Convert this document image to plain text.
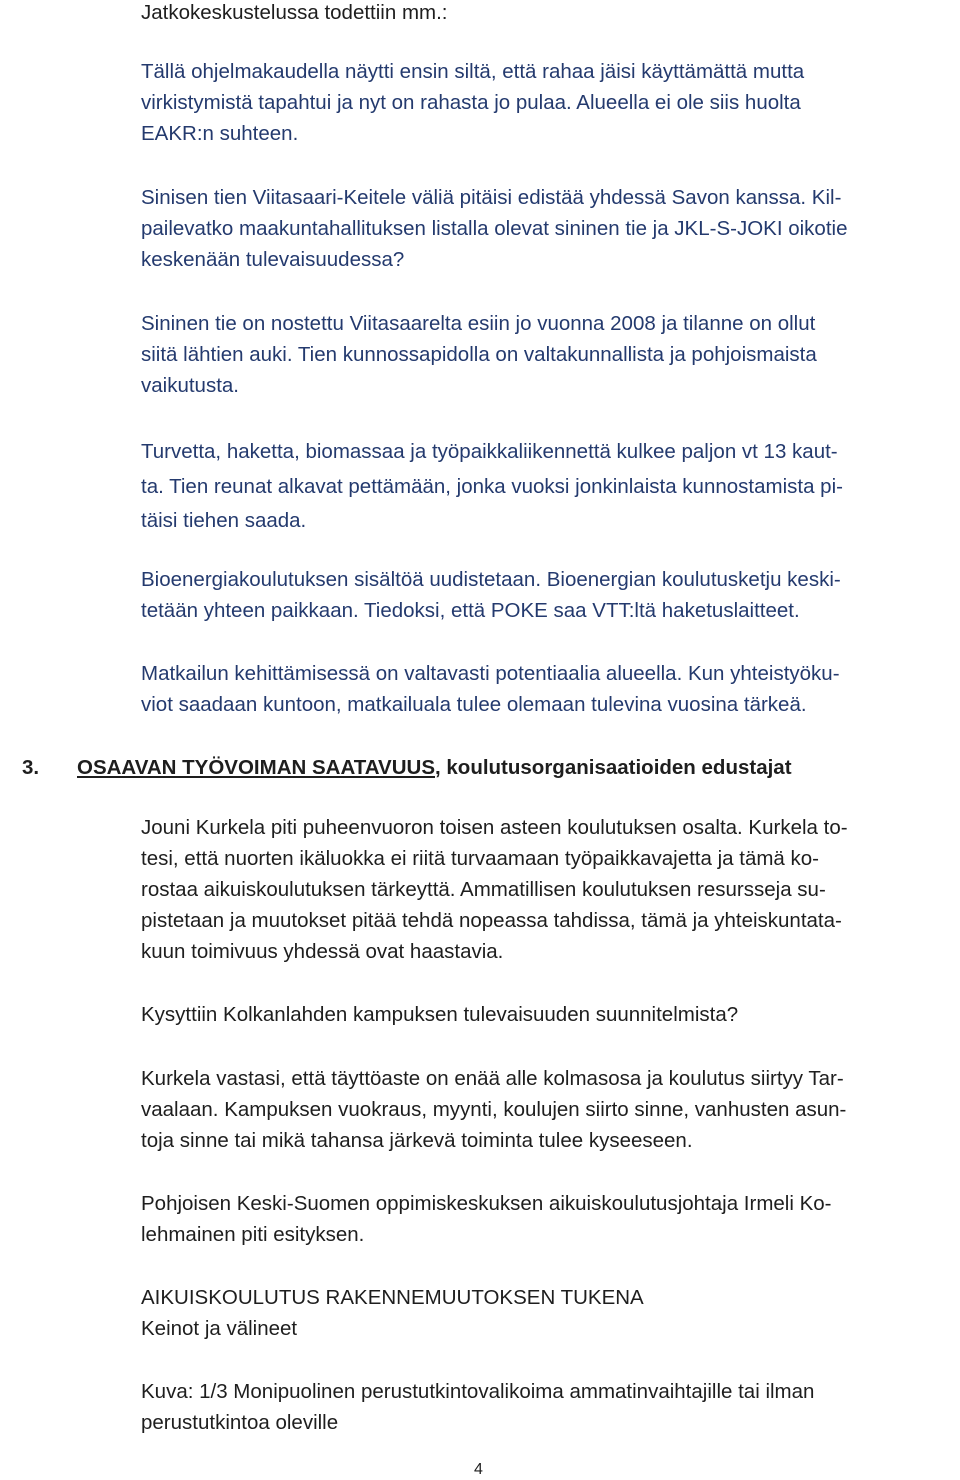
Jatkokeskustelussa todettiin mm.:
Tällä ohjelmakaudella näytti ensin siltä, että rahaa jäisi käyttämättä mutta
virkistymistä tapahtui ja nyt on rahasta jo pulaa. Alueella ei ole siis huolta
EAKR:n suhteen.
Sinisen tien Viitasaari-Keitele väliä pitäisi edistää yhdessä Savon kanssa. Kil-
pailevatko maakuntahallituksen listalla olevat sininen tie ja JKL-S-JOKI oikotie
keskenään tulevaisuudessa?
Sininen tie on nostettu Viitasaarelta esiin jo vuonna 2008 ja tilanne on ollut
siitä lähtien auki. Tien kunnossapidolla on valtakunnallista ja pohjoismaista
vaikutusta.
Turvetta, haketta, biomassaa ja työpaikkaliikennettä kulkee paljon vt 13 kaut-
ta. Tien reunat alkavat pettämään, jonka vuoksi jonkinlaista kunnostamista pi-
täisi tiehen saada.
Bioenergiakoulutuksen sisältöä uudistetaan. Bioenergian koulutusketju keski-
tetään yhteen paikkaan. Tiedoksi, että POKE saa VTT:ltä haketuslaitteet.
Matkailun kehittämisessä on valtavasti potentiaalia alueella. Kun yhteistyöku-
viot saadaan kuntoon, matkailuala tulee olemaan tulevina vuosina tärkeä.
3. OSAAVAN TYÖVOIMAN SAATAVUUS, koulutusorganisaatioiden edustajat
Jouni Kurkela piti puheenvuoron toisen asteen koulutuksen osalta. Kurkela to-
tesi, että nuorten ikäluokka ei riitä turvaamaan työpaikkavajetta ja tämä ko-
rostaa aikuiskoulutuksen tärkeyttä. Ammatillisen koulutuksen resursseja su-
pistetaan ja muutokset pitää tehdä nopeassa tahdissa, tämä ja yhteiskuntata-
kuun toimivuus yhdessä ovat haastavia.
Kysyttiin Kolkanlahden kampuksen tulevaisuuden suunnitelmista?
Kurkela vastasi, että täyttöaste on enää alle kolmasosa ja koulutus siirtyy Tar-
vaalaan. Kampuksen vuokraus, myynti, koulujen siirto sinne, vanhusten asun-
toja sinne tai mikä tahansa järkevä toiminta tulee kyseeseen.
Pohjoisen Keski-Suomen oppimiskeskuksen aikuiskoulutusjohtaja Irmeli Ko-
lehmainen piti esityksen.
AIKUISKOULUTUS RAKENNEMUUTOKSEN TUKENA
Keinot ja välineet
Kuva: 1/3 Monipuolinen perustutkintovalikoima ammatinvaihtajille tai ilman
perustutkintoa oleville
4
